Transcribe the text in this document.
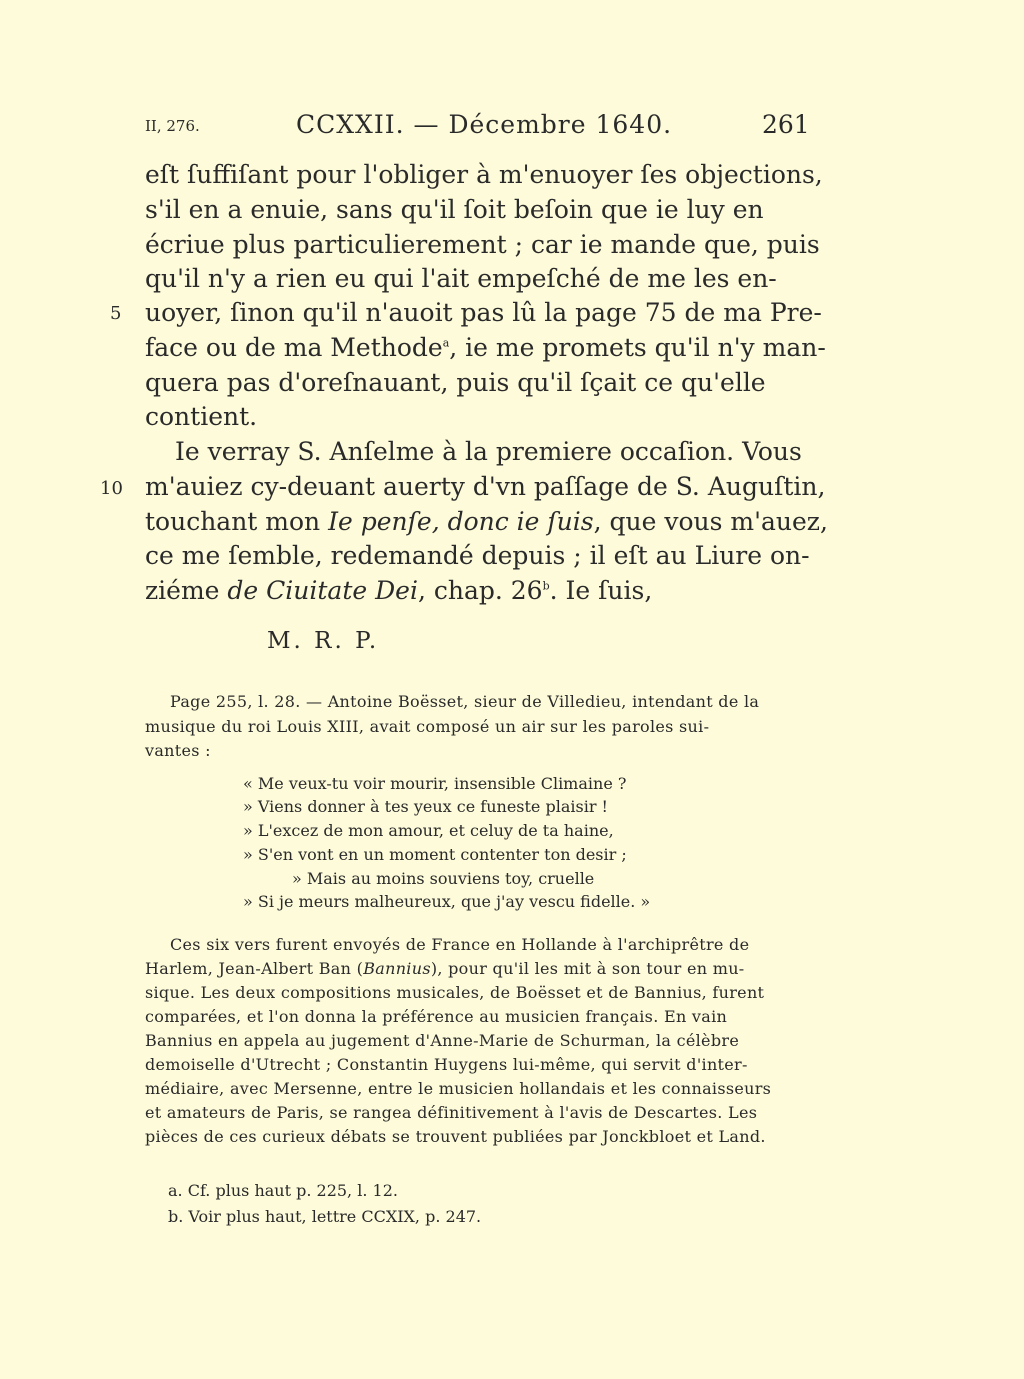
II, 276.	CCXXII. — Décembre 1640.	261
5
10
eſt ſuffiſant pour l'obliger à m'enuoyer ſes objections,
s'il en a enuie, sans qu'il ſoit beſoin que ie luy en
écriue plus particulierement ; car ie mande que, puis
qu'il n'y a rien eu qui l'ait empeſché de me les en-
uoyer, ſinon qu'il n'auoit pas lû la page 75 de ma Pre-
face ou de ma Methode$^a$, ie me promets qu'il n'y man-
quera pas d'oreſnauant, puis qu'il ſçait ce qu'elle
contient.
Ie verray S. Anſelme à la premiere occaſion. Vous
m'auiez cy-deuant auerty d'vn paſſage de S. Auguſtin,
touchant mon Ie penſe, donc ie ſuis, que vous m'auez,
ce me ſemble, redemandé depuis ; il eſt au Liure on-
ziéme de Ciuitate Dei, chap. 26$^b$. Ie ſuis,
M. R. P.
Page 255, l. 28. — Antoine Boësset, sieur de Villedieu, intendant de la
musique du roi Louis XIII, avait composé un air sur les paroles sui-
vantes :
« Me veux-tu voir mourir, insensible Climaine ?
» Viens donner à tes yeux ce funeste plaisir !
» L'excez de mon amour, et celuy de ta haine,
» S'en vont en un moment contenter ton desir ;
» Mais au moins souviens toy, cruelle
» Si je meurs malheureux, que j'ay vescu fidelle. »
Ces six vers furent envoyés de France en Hollande à l'archiprêtre de
Harlem, Jean-Albert Ban (Bannius), pour qu'il les mit à son tour en mu-
sique. Les deux compositions musicales, de Boësset et de Bannius, furent
comparées, et l'on donna la préférence au musicien français. En vain
Bannius en appela au jugement d'Anne-Marie de Schurman, la célèbre
demoiselle d'Utrecht ; Constantin Huygens lui-même, qui servit d'inter-
médiaire, avec Mersenne, entre le musicien hollandais et les connaisseurs
et amateurs de Paris, se rangea définitivement à l'avis de Descartes. Les
pièces de ces curieux débats se trouvent publiées par Jonckbloet et Land.
a. Cf. plus haut p. 225, l. 12.
b. Voir plus haut, lettre CCXIX, p. 247.
